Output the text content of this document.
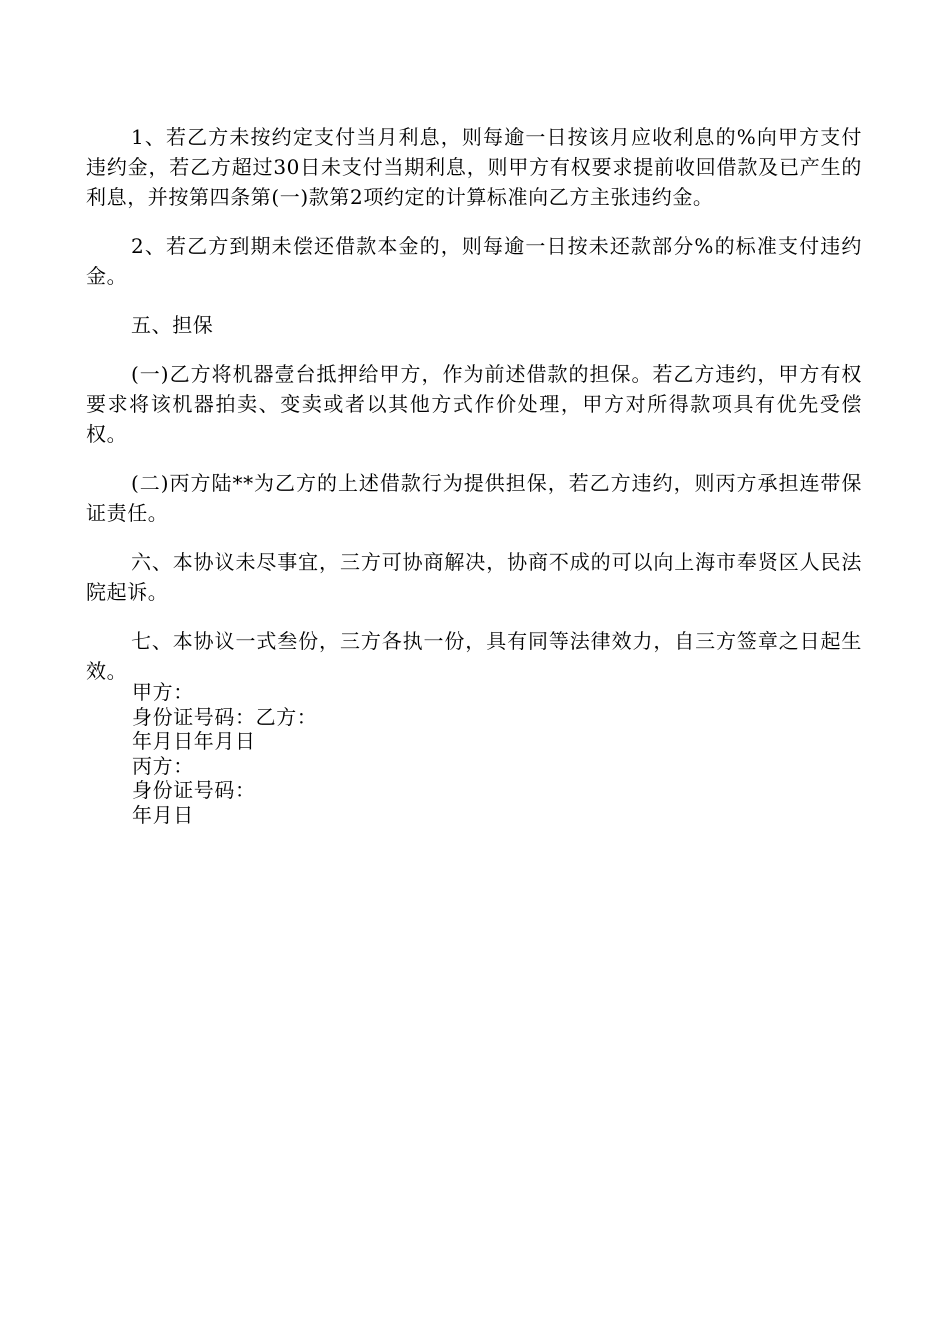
1、若乙方未按约定支付当月利息，则每逾一日按该月应收利息的%向甲方支付违约金，若乙方超过30日未支付当期利息，则甲方有权要求提前收回借款及已产生的利息，并按第四条第(一)款第2项约定的计算标准向乙方主张违约金。

2、若乙方到期未偿还借款本金的，则每逾一日按未还款部分%的标准支付违约金。

五、担保

(一)乙方将机器壹台抵押给甲方，作为前述借款的担保。若乙方违约，甲方有权要求将该机器拍卖、变卖或者以其他方式作价处理，甲方对所得款项具有优先受偿权。

(二)丙方陆**为乙方的上述借款行为提供担保，若乙方违约，则丙方承担连带保证责任。

六、本协议未尽事宜，三方可协商解决，协商不成的可以向上海市奉贤区人民法院起诉。

七、本协议一式叁份，三方各执一份，具有同等法律效力，自三方签章之日起生效。

甲方：
身份证号码：乙方：
年月日年月日
丙方：
身份证号码：
年月日
